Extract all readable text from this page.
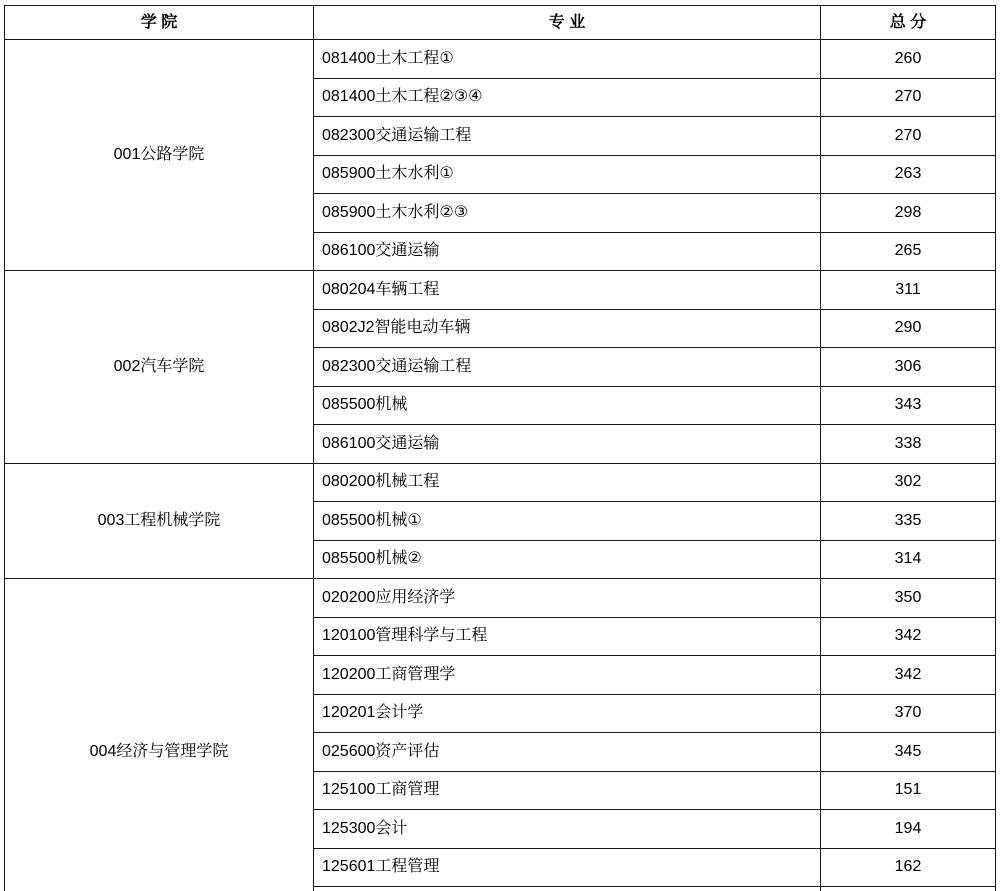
学 院	专 业	总 分
001公路学院	081400土木工程①	260
	081400土木工程②③④	270
	082300交通运输工程	270
	085900土木水利①	263
	085900土木水利②③	298
	086100交通运输	265
002汽车学院	080204车辆工程	311
	0802J2智能电动车辆	290
	082300交通运输工程	306
	085500机械	343
	086100交通运输	338
003工程机械学院	080200机械工程	302
	085500机械①	335
	085500机械②	314
004经济与管理学院	020200应用经济学	350
	120100管理科学与工程	342
	120200工商管理学	342
	120201会计学	370
	025600资产评估	345
	125100工商管理	151
	125300会计	194
	125601工程管理	162
